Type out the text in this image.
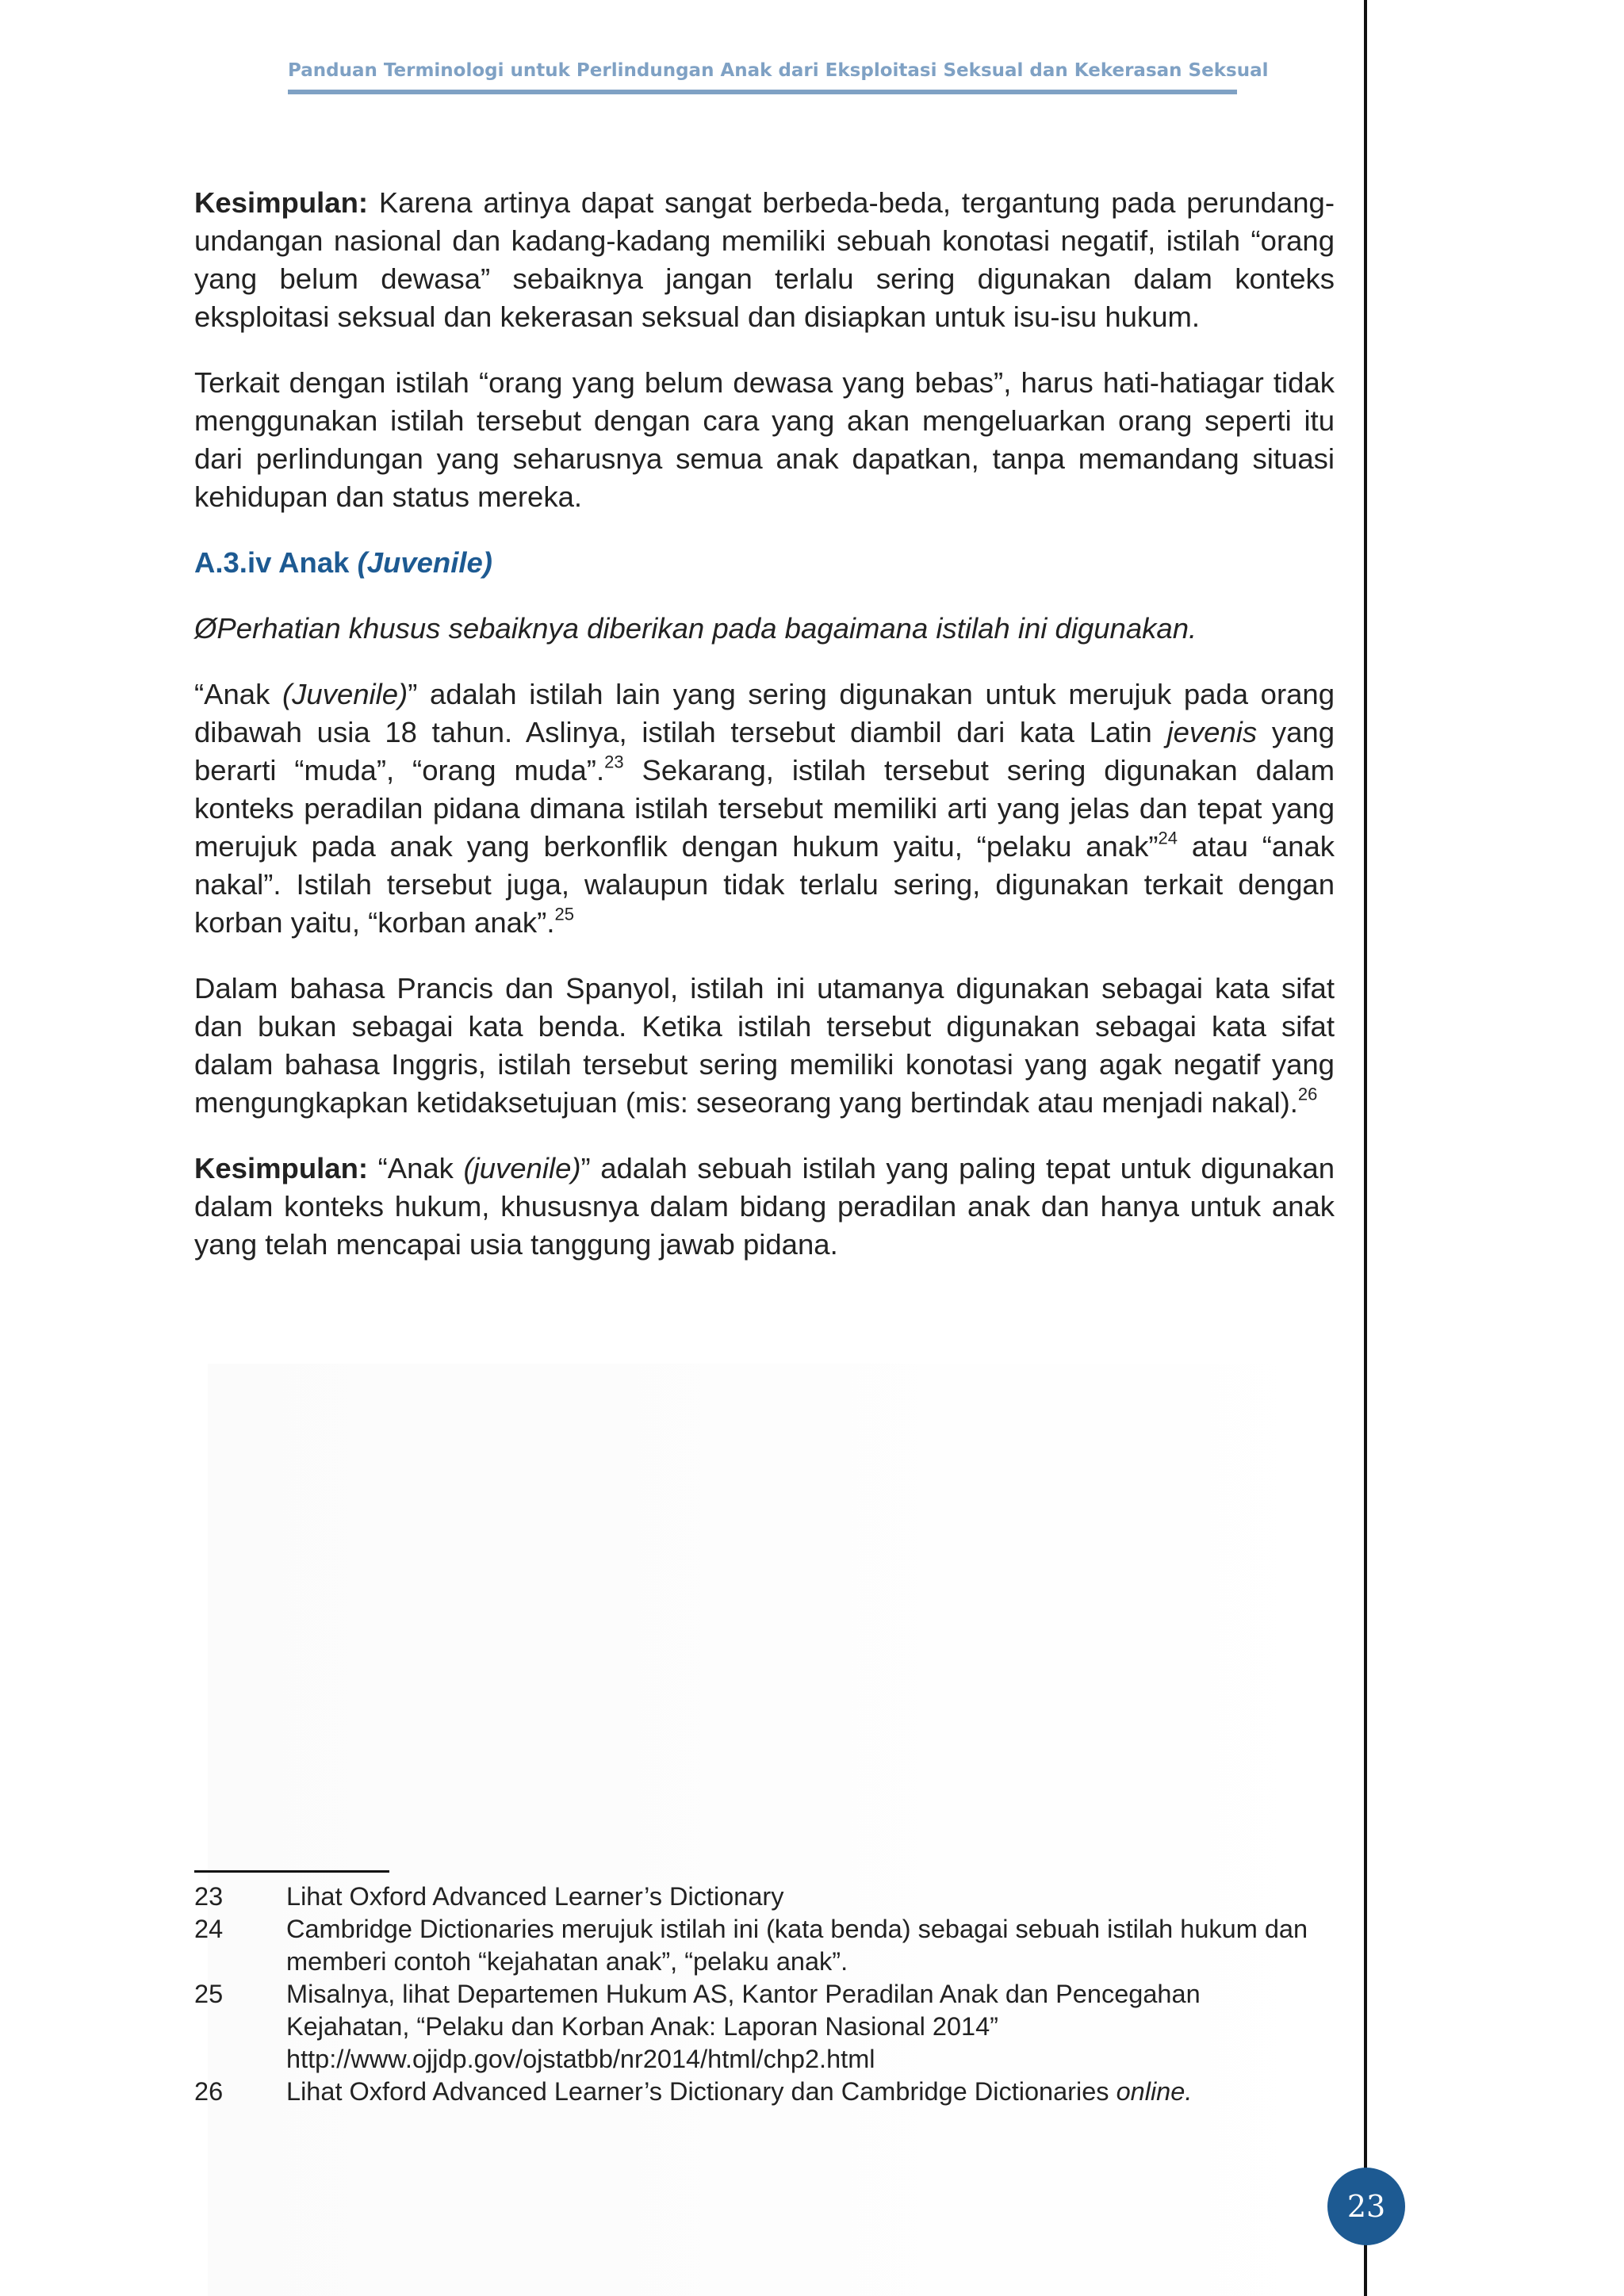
Panduan Terminologi untuk Perlindungan Anak dari Eksploitasi Seksual dan Kekerasan Seksual

Kesimpulan: Karena artinya dapat sangat berbeda-beda, tergantung pada perundang-undangan nasional dan kadang-kadang memiliki sebuah konotasi negatif, istilah “orang yang belum dewasa” sebaiknya jangan terlalu sering digunakan dalam konteks eksploitasi seksual dan kekerasan seksual dan disiapkan untuk isu-isu hukum.

Terkait dengan istilah “orang yang belum dewasa yang bebas”, harus hati-hatiagar tidak menggunakan istilah tersebut dengan cara yang akan mengeluarkan orang seperti itu dari perlindungan yang seharusnya semua anak dapatkan, tanpa memandang situasi kehidupan dan status mereka.

A.3.iv Anak (Juvenile)
ØPerhatian khusus sebaiknya diberikan pada bagaimana istilah ini digunakan.

“Anak (Juvenile)” adalah istilah lain yang sering digunakan untuk merujuk pada orang dibawah usia 18 tahun. Aslinya, istilah tersebut diambil dari kata Latin jevenis yang berarti “muda”, “orang muda”.$^{23}$ Sekarang, istilah tersebut sering digunakan dalam konteks peradilan pidana dimana istilah tersebut memiliki arti yang jelas dan tepat yang merujuk pada anak yang berkonflik dengan hukum yaitu, “pelaku anak”$^{24}$ atau “anak nakal”. Istilah tersebut juga, walaupun tidak terlalu sering, digunakan terkait dengan korban yaitu, “korban anak”.$^{25}$

Dalam bahasa Prancis dan Spanyol, istilah ini utamanya digunakan sebagai kata sifat dan bukan sebagai kata benda. Ketika istilah tersebut digunakan sebagai kata sifat dalam bahasa Inggris, istilah tersebut sering memiliki konotasi yang agak negatif yang mengungkapkan ketidaksetujuan (mis: seseorang yang bertindak atau menjadi nakal).$^{26}$

Kesimpulan: “Anak (juvenile)” adalah sebuah istilah yang paling tepat untuk digunakan dalam konteks hukum, khususnya dalam bidang peradilan anak dan hanya untuk anak yang telah mencapai usia tanggung jawab pidana.

23	Lihat Oxford Advanced Learner’s Dictionary
24	Cambridge Dictionaries merujuk istilah ini (kata benda) sebagai sebuah istilah hukum dan memberi contoh “kejahatan anak”, “pelaku anak”.
25	Misalnya, lihat Departemen Hukum AS, Kantor Peradilan Anak dan Pencegahan Kejahatan, “Pelaku dan Korban Anak: Laporan Nasional 2014” http://www.ojjdp.gov/ojstatbb/nr2014/html/chp2.html
26	Lihat Oxford Advanced Learner’s Dictionary dan Cambridge Dictionaries online.
23
